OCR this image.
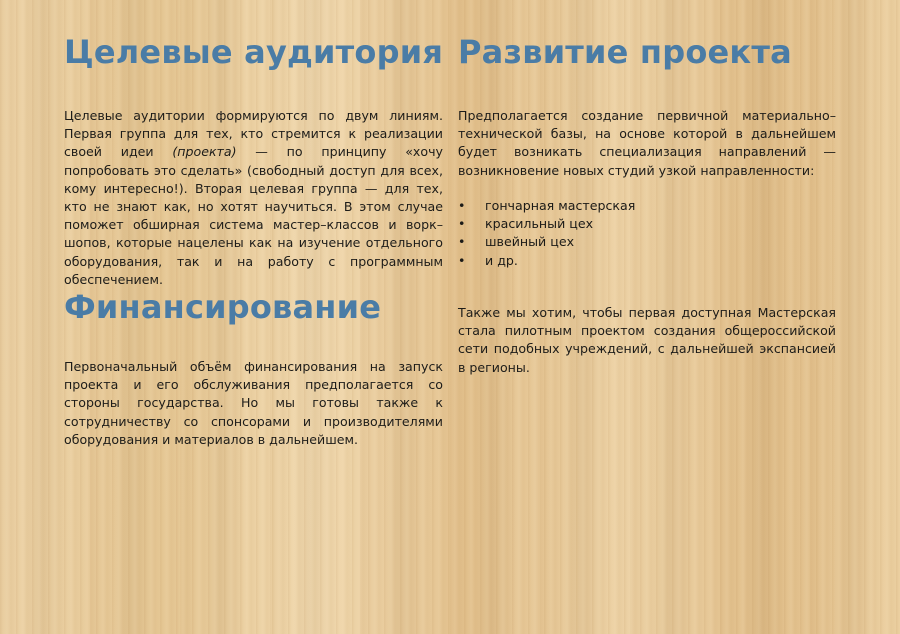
Целевые аудитория

Целевые аудитории формируются по двум линиям. Первая группа для тех, кто стремится к реализации своей идеи (проекта) — по принципу «хочу попробовать это сделать» (свободный доступ для всех, кому интересно!). Вторая целевая группа — для тех, кто не знают как, но хотят научиться. В этом случае поможет обширная система мастер–классов и ворк–шопов, которые нацелены как на изучение отдельного оборудования, так и на работу с программным обеспечением.

Финансирование

Первоначальный объём финансирования на запуск проекта и его обслуживания предполагается со стороны государства. Но мы готовы также к сотрудничеству со спонсорами и производителями оборудования и материалов в дальнейшем.

Развитие проекта

Предполагается создание первичной материально–технической базы, на основе которой в дальнейшем будет возникать специализация направлений — возникновение новых студий узкой направленности:

• гончарная мастерская
• красильный цех
• швейный цех
• и др.

Также мы хотим, чтобы первая доступная Мастерская стала пилотным проектом создания общероссийской сети подобных учреждений, с дальнейшей экспансией в регионы.
